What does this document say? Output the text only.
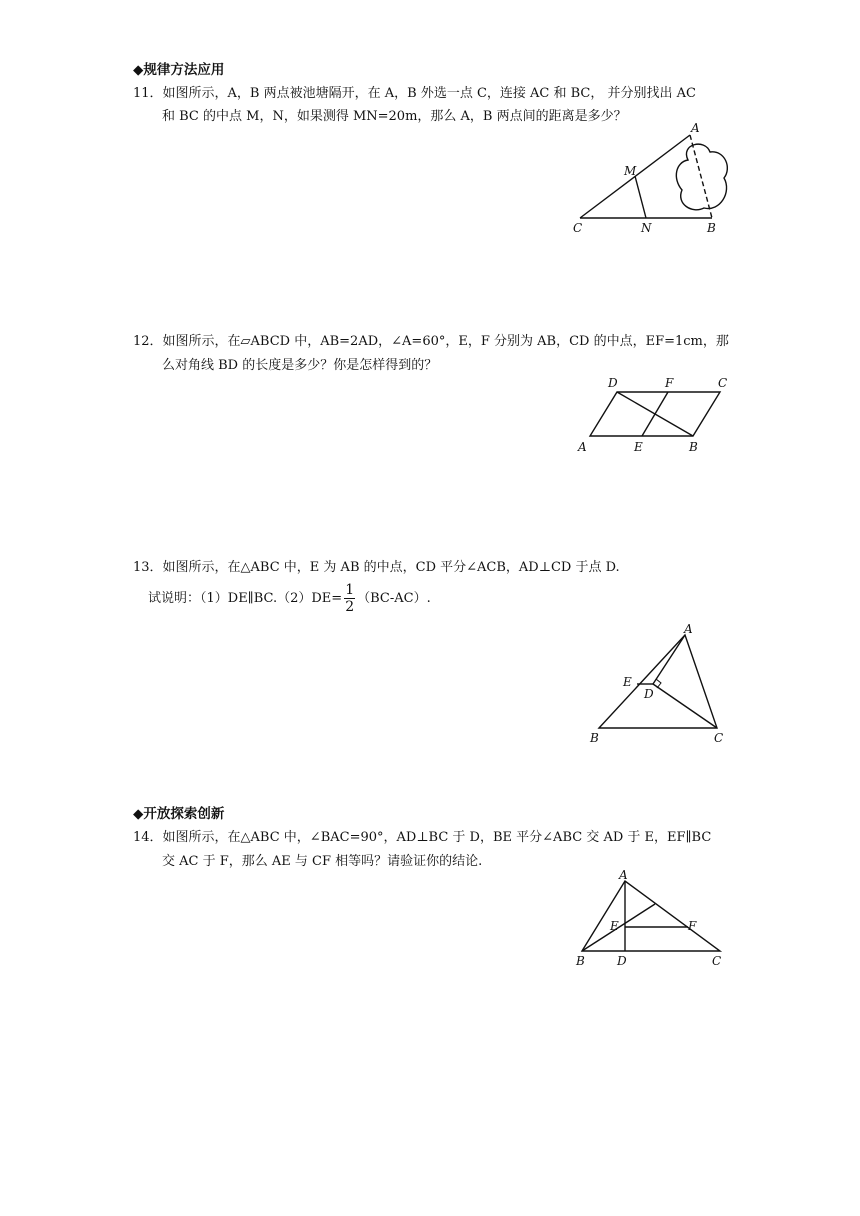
◆规律方法应用
11．如图所示，A，B 两点被池塘隔开，在 A，B 外选一点 C，连接 AC 和 BC， 并分别找出 AC
和 BC 的中点 M，N，如果测得 MN=20m，那么 A，B 两点间的距离是多少？
A
M
C	N	B
12．如图所示，在▱ABCD 中，AB=2AD，∠A=60°，E，F 分别为 AB，CD 的中点，EF=1cm，那
么对角线 BD 的长度是多少？你是怎样得到的？
D	F	C
A	E	B
13．如图所示，在△ABC 中，E 为 AB 的中点，CD 平分∠ACB，AD⊥CD 于点 D.
试说明：（1）DE∥BC.（2）DE= $\frac{1}{2} (BC-AC)$.
A
E
D
B	C
◆开放探索创新
14．如图所示，在△ABC 中，∠BAC=90°，AD⊥BC 于 D，BE 平分∠ABC 交 AD 于 E，EF∥BC
交 AC 于 F，那么 AE 与 CF 相等吗？请验证你的结论.
A
E	F
B	D	C
